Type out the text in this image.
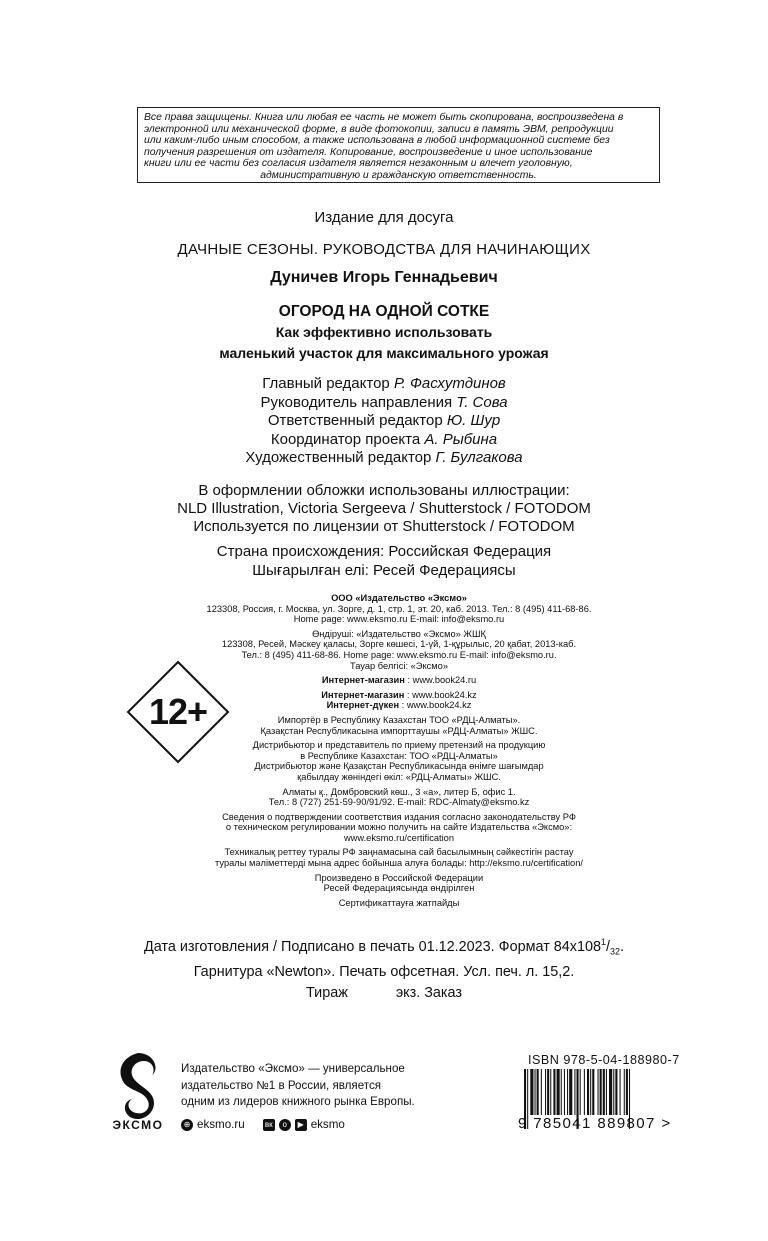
Все права защищены. Книга или любая ее часть не может быть скопирована, воспроизведена в
электронной или механической форме, в виде фотокопии, записи в память ЭВМ, репродукции
или каким-либо иным способом, а также использована в любой информационной системе без
получения разрешения от издателя. Копирование, воспроизведение и иное использование
книги или ее части без согласия издателя является незаконным и влечет уголовную,
административную и гражданскую ответственность.
Издание для досуга
ДАЧНЫЕ СЕЗОНЫ. РУКОВОДСТВА ДЛЯ НАЧИНАЮЩИХ
Дуничев Игорь Геннадьевич
ОГОРОД НА ОДНОЙ СОТКЕ
Как эффективно использовать
маленький участок для максимального урожая
Главный редактор Р. Фасхутдинов
Руководитель направления Т. Сова
Ответственный редактор Ю. Шур
Координатор проекта А. Рыбина
Художественный редактор Г. Булгакова
В оформлении обложки использованы иллюстрации:
NLD Illustration, Victoria Sergeeva / Shutterstock / FOTODOM
Используется по лицензии от Shutterstock / FOTODOM
Страна происхождения: Российская Федерация
Шығарылған елі: Ресей Федерациясы
12+
ООО «Издательство «Эксмо»
123308, Россия, г. Москва, ул. Зорге, д. 1, стр. 1, эт. 20, каб. 2013. Тел.: 8 (495) 411-68-86.
Home page: www.eksmo.ru E-mail: info@eksmo.ru
Өндіруші: «Издательство «Эксмо» ЖШҚ
123308, Ресей, Мәскеу қаласы, Зорге көшесі, 1-үй, 1-құрылыс, 20 қабат, 2013-каб.
Тел.: 8 (495) 411-68-86. Home page: www.eksmo.ru E-mail: info@eksmo.ru.
Тауар белгісі: «Эксмо»
Интернет-магазин : www.book24.ru
Интернет-магазин : www.book24.kz
Интернет-дүкен : www.book24.kz
Импортёр в Республику Казахстан ТОО «РДЦ-Алматы».
Қазақстан Республикасына импорттаушы «РДЦ-Алматы» ЖШС.
Дистрибьютор и представитель по приему претензий на продукцию
в Республике Казахстан: ТОО «РДЦ-Алматы»
Дистрибьютор және Қазақстан Республикасында өнімге шағымдар
қабылдау жөніндегі өкіл: «РДЦ-Алматы» ЖШС.
Алматы қ., Домбровский көш., 3 «а», литер Б, офис 1.
Тел.: 8 (727) 251-59-90/91/92. E-mail: RDC-Almaty@eksmo.kz
Сведения о подтверждении соответствия издания согласно законодательству РФ
о техническом регулировании можно получить на сайте Издательства «Эксмо»:
www.eksmo.ru/certification
Техникалық реттеу туралы РФ заңнамасына сай басылымның сәйкестігін растау
туралы мәліметтерді мына адрес бойынша алуға болады: http://eksmo.ru/certification/
Произведено в Российской Федерации
Ресей Федерациясында өндірілген
Сертификаттауға жатпайды
Дата изготовления / Подписано в печать 01.12.2023. Формат $84х108^1/_{32}$.
Гарнитура «Newton». Печать офсетная. Усл. печ. л. 15,2.
Тираж	экз. Заказ
ЭКСМО
Издательство «Эксмо» — универсальное
издательство №1 в России, является
одним из лидеров книжного рынка Европы.
⊕ eksmo.ru	вк	о	▶ eksmo
ISBN 978-5-04-188980-7
9 785041 889807 >
